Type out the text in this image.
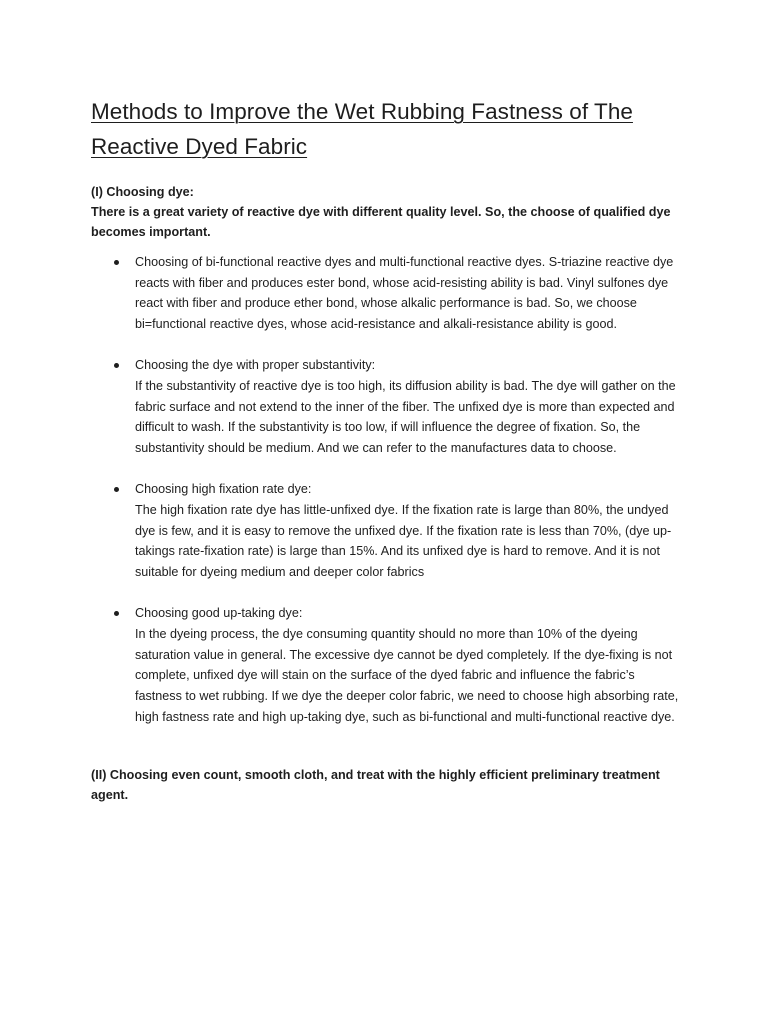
Methods to Improve the Wet Rubbing Fastness of The Reactive Dyed Fabric

(I) Choosing dye:

There is a great variety of reactive dye with different quality level. So, the choose of qualified dye becomes important.

Choosing of bi-functional reactive dyes and multi-functional reactive dyes. S-triazine reactive dye reacts with fiber and produces ester bond, whose acid-resisting ability is bad. Vinyl sulfones dye react with fiber and produce ether bond, whose alkalic performance is bad. So, we choose bi=functional reactive dyes, whose acid-resistance and alkali-resistance ability is good.
Choosing the dye with proper substantivity:
If the substantivity of reactive dye is too high, its diffusion ability is bad. The dye will gather on the fabric surface and not extend to the inner of the fiber. The unfixed dye is more than expected and difficult to wash. If the substantivity is too low, if will influence the degree of fixation. So, the substantivity should be medium. And we can refer to the manufactures data to choose.
Choosing high fixation rate dye:
The high fixation rate dye has little-unfixed dye. If the fixation rate is large than 80%, the undyed dye is few, and it is easy to remove the unfixed dye. If the fixation rate is less than 70%, (dye up-takings rate-fixation rate) is large than 15%. And its unfixed dye is hard to remove. And it is not suitable for dyeing medium and deeper color fabrics
Choosing good up-taking dye:
In the dyeing process, the dye consuming quantity should no more than 10% of the dyeing saturation value in general. The excessive dye cannot be dyed completely. If the dye-fixing is not complete, unfixed dye will stain on the surface of the dyed fabric and influence the fabric’s fastness to wet rubbing. If we dye the deeper color fabric, we need to choose high absorbing rate, high fastness rate and high up-taking dye, such as bi-functional and multi-functional reactive dye.

(II) Choosing even count, smooth cloth, and treat with the highly efficient preliminary treatment agent.
